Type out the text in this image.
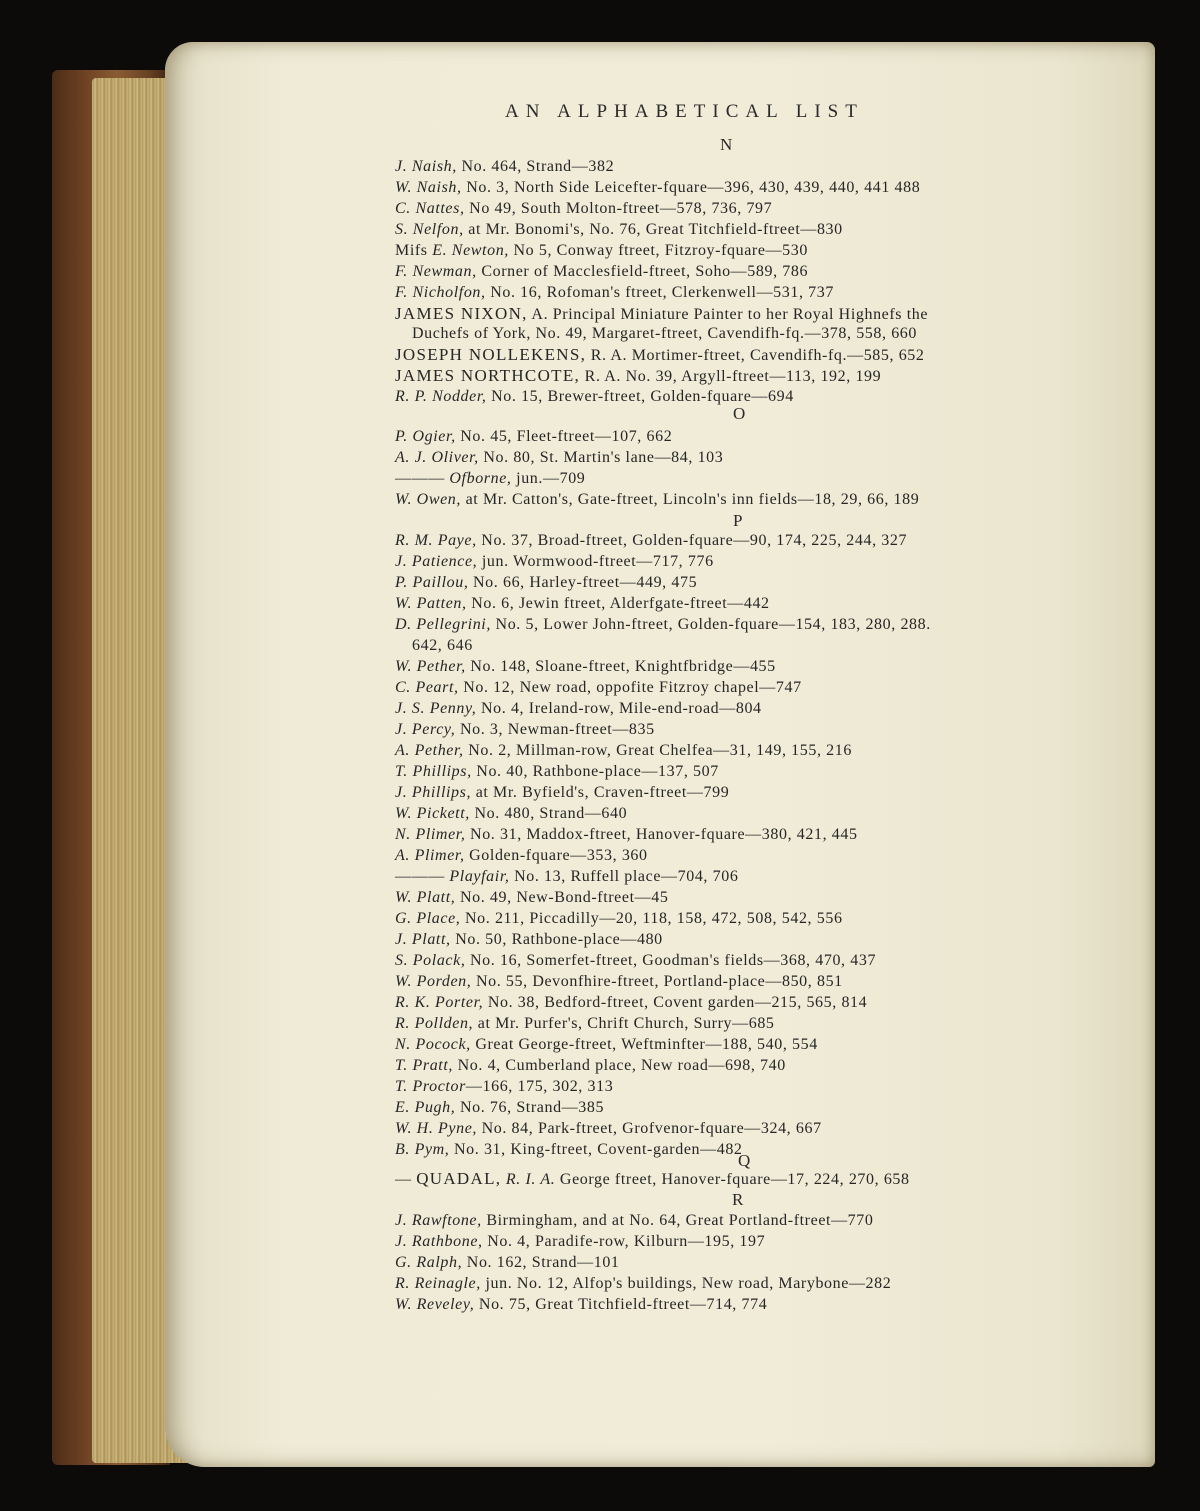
AN ALPHABETICAL LIST
N
O
P
Q
R
J. Naish, No. 464, Strand—382
W. Naish, No. 3, North Side Leicefter-fquare—396, 430, 439, 440, 441 488
C. Nattes, No 49, South Molton-ftreet—578, 736, 797
S. Nelfon, at Mr. Bonomi's, No. 76, Great Titchfield-ftreet—830
Mifs E. Newton, No 5, Conway ftreet, Fitzroy-fquare—530
F. Newman, Corner of Macclesfield-ftreet, Soho—589, 786
F. Nicholfon, No. 16, Rofoman's ftreet, Clerkenwell—531, 737
JAMES NIXON, A. Principal Miniature Painter to her Royal Highnefs the
Duchefs of York, No. 49, Margaret-ftreet, Cavendifh-fq.—378, 558, 660
JOSEPH NOLLEKENS, R. A. Mortimer-ftreet, Cavendifh-fq.—585, 652
JAMES NORTHCOTE, R. A. No. 39, Argyll-ftreet—113, 192, 199
R. P. Nodder, No. 15, Brewer-ftreet, Golden-fquare—694
P. Ogier, No. 45, Fleet-ftreet—107, 662
A. J. Oliver, No. 80, St. Martin's lane—84, 103
——— Ofborne, jun.—709
W. Owen, at Mr. Catton's, Gate-ftreet, Lincoln's inn fields—18, 29, 66, 189
R. M. Paye, No. 37, Broad-ftreet, Golden-fquare—90, 174, 225, 244, 327
J. Patience, jun. Wormwood-ftreet—717, 776
P. Paillou, No. 66, Harley-ftreet—449, 475
W. Patten, No. 6, Jewin ftreet, Alderfgate-ftreet—442
D. Pellegrini, No. 5, Lower John-ftreet, Golden-fquare—154, 183, 280, 288.
642, 646
W. Pether, No. 148, Sloane-ftreet, Knightfbridge—455
C. Peart, No. 12, New road, oppofite Fitzroy chapel—747
J. S. Penny, No. 4, Ireland-row, Mile-end-road—804
J. Percy, No. 3, Newman-ftreet—835
A. Pether, No. 2, Millman-row, Great Chelfea—31, 149, 155, 216
T. Phillips, No. 40, Rathbone-place—137, 507
J. Phillips, at Mr. Byfield's, Craven-ftreet—799
W. Pickett, No. 480, Strand—640
N. Plimer, No. 31, Maddox-ftreet, Hanover-fquare—380, 421, 445
A. Plimer, Golden-fquare—353, 360
——— Playfair, No. 13, Ruffell place—704, 706
W. Platt, No. 49, New-Bond-ftreet—45
G. Place, No. 211, Piccadilly—20, 118, 158, 472, 508, 542, 556
J. Platt, No. 50, Rathbone-place—480
S. Polack, No. 16, Somerfet-ftreet, Goodman's fields—368, 470, 437
W. Porden, No. 55, Devonfhire-ftreet, Portland-place—850, 851
R. K. Porter, No. 38, Bedford-ftreet, Covent garden—215, 565, 814
R. Pollden, at Mr. Purfer's, Chrift Church, Surry—685
N. Pocock, Great George-ftreet, Weftminfter—188, 540, 554
T. Pratt, No. 4, Cumberland place, New road—698, 740
T. Proctor—166, 175, 302, 313
E. Pugh, No. 76, Strand—385
W. H. Pyne, No. 84, Park-ftreet, Grofvenor-fquare—324, 667
B. Pym, No. 31, King-ftreet, Covent-garden—482
— QUADAL, R. I. A. George ftreet, Hanover-fquare—17, 224, 270, 658
J. Rawftone, Birmingham, and at No. 64, Great Portland-ftreet—770
J. Rathbone, No. 4, Paradife-row, Kilburn—195, 197
G. Ralph, No. 162, Strand—101
R. Reinagle, jun. No. 12, Alfop's buildings, New road, Marybone—282
W. Reveley, No. 75, Great Titchfield-ftreet—714, 774
